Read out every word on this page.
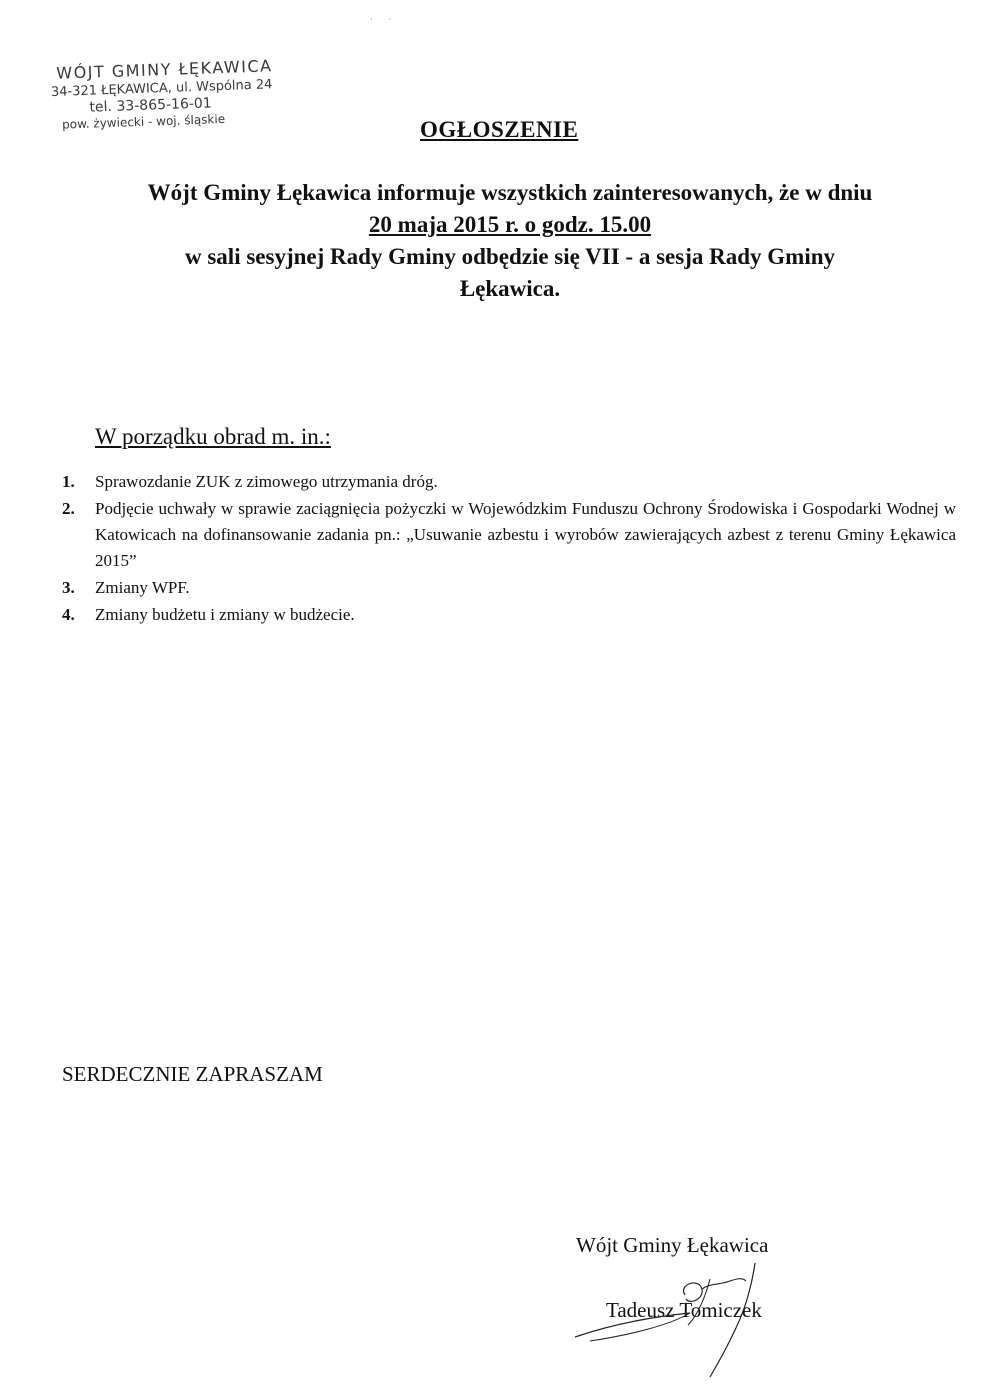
·        ·
WÓJT GMINY ŁĘKAWICA
34-321 ŁĘKAWICA, ul. Wspólna 24
tel. 33-865-16-01
pow. żywiecki - woj. śląskie	OGŁOSZENIE
Wójt Gminy Łękawica informuje wszystkich zainteresowanych, że w dniu
20 maja 2015 r. o godz. 15.00
w sali sesyjnej Rady Gminy odbędzie się VII - a sesja Rady Gminy
Łękawica.
W porządku obrad m. in.:
1. Sprawozdanie ZUK z zimowego utrzymania dróg.
2. Podjęcie uchwały w sprawie zaciągnięcia pożyczki w Wojewódzkim Funduszu Ochrony Środowiska i Gospodarki Wodnej w Katowicach na dofinansowanie zadania pn.: „Usuwanie azbestu i wyrobów zawierających azbest z terenu Gminy Łękawica 2015”
3. Zmiany WPF.
4. Zmiany budżetu i zmiany w budżecie.
SERDECZNIE ZAPRASZAM
Wójt Gminy Łękawica
Tadeusz Tomiczek
